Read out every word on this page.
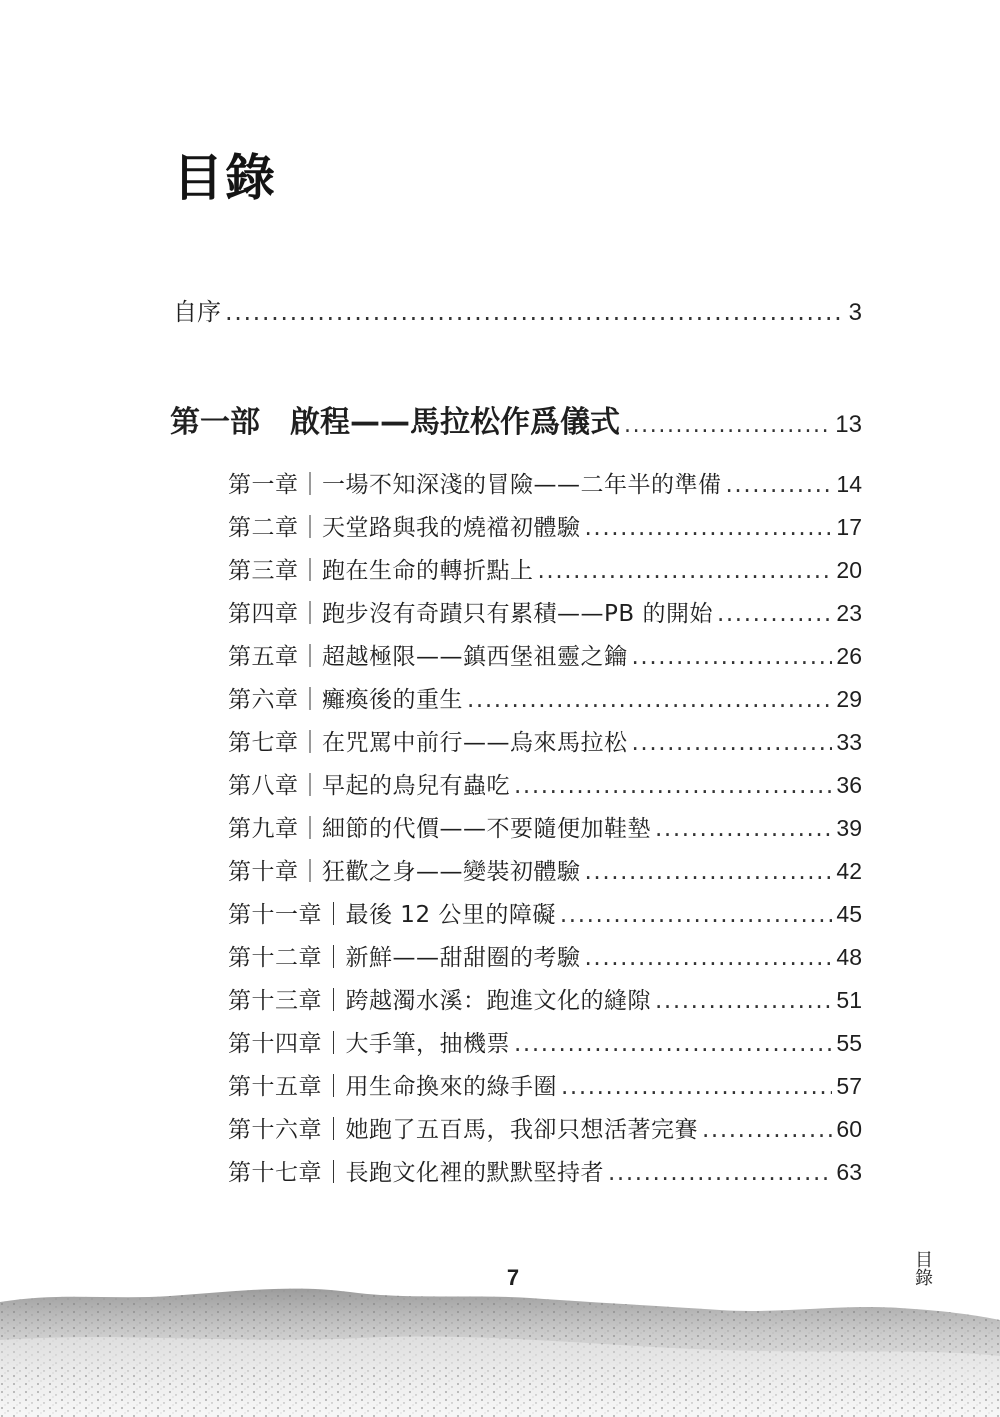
目錄
自序 .....	3
第一部　啟程——馬拉松作爲儀式 .....	13
第一章｜一場不知深淺的冒險——二年半的準備 .....	14
第二章｜天堂路與我的燒襠初體驗 .....	17
第三章｜跑在生命的轉折點上 .....	20
第四章｜跑步沒有奇蹟只有累積——PB 的開始 .....	23
第五章｜超越極限——鎮西堡祖靈之鑰 .....	26
第六章｜癱瘓後的重生 .....	29
第七章｜在咒罵中前行——烏來馬拉松 .....	33
第八章｜早起的鳥兒有蟲吃 .....	36
第九章｜細節的代價——不要隨便加鞋墊 .....	39
第十章｜狂歡之身——變裝初體驗 .....	42
第十一章｜最後 12 公里的障礙 .....	45
第十二章｜新鮮——甜甜圈的考驗 .....	48
第十三章｜跨越濁水溪：跑進文化的縫隙 .....	51
第十四章｜大手筆，抽機票 .....	55
第十五章｜用生命換來的綠手圈 .....	57
第十六章｜她跑了五百馬，我卻只想活著完賽 .....	60
第十七章｜長跑文化裡的默默堅持者 .....	63
7	目錄
